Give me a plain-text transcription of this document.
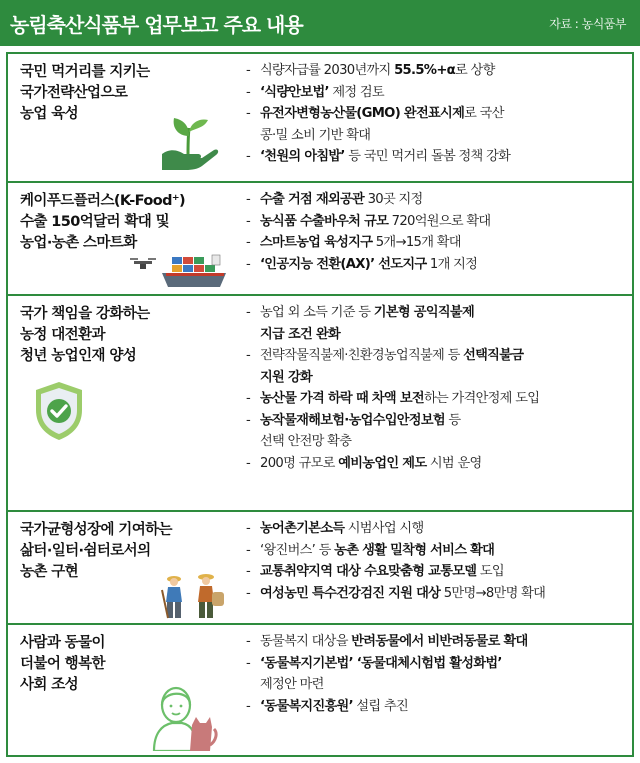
농림축산식품부 업무보고 주요 내용	자료 : 농식품부
국민 먹거리를 지키는
국가전략산업으로
농업 육성
- 식량자급률 2030년까지 55.5%+α로 상향
- ‘식량안보법’ 제정 검토
- 유전자변형농산물(GMO) 완전표시제로 국산
콩·밀 소비 기반 확대
- ‘천원의 아침밥’ 등 국민 먹거리 돌봄 정책 강화
케이푸드플러스(K-Food⁺)
수출 150억달러 확대 및
농업·농촌 스마트화
- 수출 거점 재외공관 30곳 지정
- 농식품 수출바우처 규모 720억원으로 확대
- 스마트농업 육성지구 5개→15개 확대
- ‘인공지능 전환(AX)’ 선도지구 1개 지정
국가 책임을 강화하는
농정 대전환과
청년 농업인재 양성
- 농업 외 소득 기준 등 기본형 공익직불제
지급 조건 완화
- 전략작물직불제·친환경농업직불제 등 선택직불금
지원 강화
- 농산물 가격 하락 때 차액 보전하는 가격안정제 도입
- 농작물재해보험·농업수입안정보험 등
선택 안전망 확충
- 200명 규모로 예비농업인 제도 시범 운영
국가균형성장에 기여하는
삶터·일터·쉼터로서의
농촌 구현
- 농어촌기본소득 시범사업 시행
- ‘왕진버스’ 등 농촌 생활 밀착형 서비스 확대
- 교통취약지역 대상 수요맞춤형 교통모델 도입
- 여성농민 특수건강검진 지원 대상 5만명→8만명 확대
사람과 동물이
더불어 행복한
사회 조성
- 동물복지 대상을 반려동물에서 비반려동물로 확대
- ‘동물복지기본법’ ‘동물대체시험법 활성화법’
제정안 마련
- ‘동물복지진흥원’ 설립 추진
